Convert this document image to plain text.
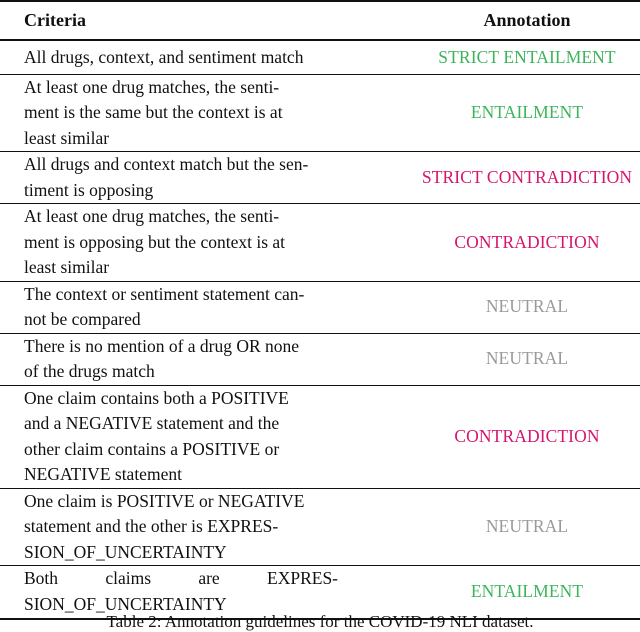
Criteria	Annotation

All drugs, context, and sentiment match	STRICT ENTAILMENT

At least one drug matches, the senti-
ment is the same but the context is at
least similar	ENTAILMENT

All drugs and context match but the sen-
timent is opposing	STRICT CONTRADICTION

At least one drug matches, the senti-
ment is opposing but the context is at
least similar	CONTRADICTION

The context or sentiment statement can-
not be compared	NEUTRAL

There is no mention of a drug OR none
of the drugs match	NEUTRAL

One claim contains both a POSITIVE
and a NEGATIVE statement and the
other claim contains a POSITIVE or
NEGATIVE statement	CONTRADICTION

One claim is POSITIVE or NEGATIVE
statement and the other is EXPRES-
SION_OF_UNCERTAINTY	NEUTRAL

Both claims are EXPRES-
SION_OF_UNCERTAINTY	ENTAILMENT
Table 2: Annotation guidelines for the COVID-19 NLI dataset.
